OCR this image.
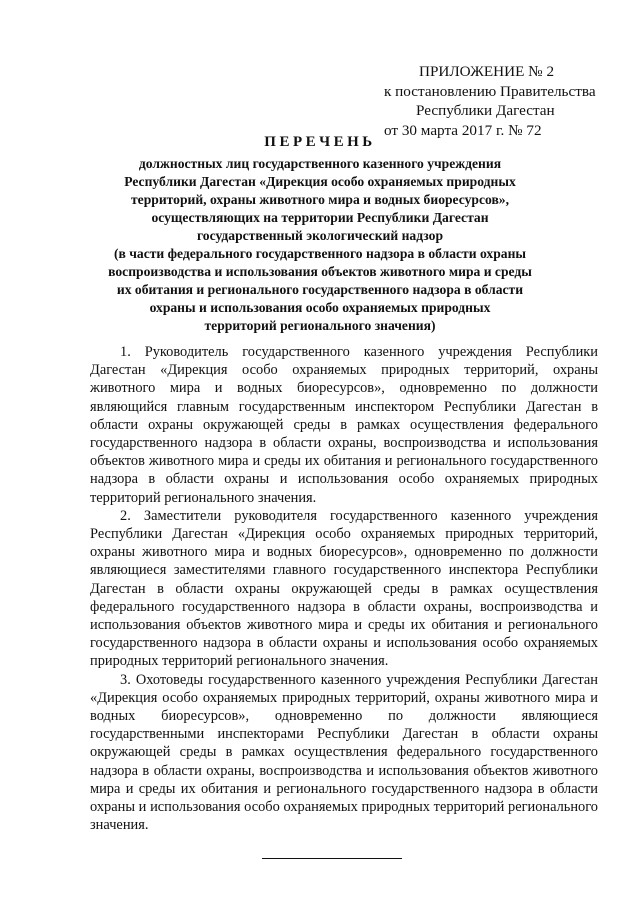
ПРИЛОЖЕНИЕ № 2
к постановлению Правительства
Республики Дагестан
от 30 марта 2017 г. № 72
ПЕРЕЧЕНЬ
должностных лиц государственного казенного учреждения
Республики Дагестан «Дирекция особо охраняемых природных
территорий, охраны животного мира и водных биоресурсов»,
осуществляющих на территории Республики Дагестан
государственный экологический надзор
(в части федерального государственного надзора в области охраны
воспроизводства и использования объектов животного мира и среды
их обитания и регионального государственного надзора в области
охраны и использования особо охраняемых природных
территорий регионального значения)

1. Руководитель государственного казенного учреждения Республики Дагестан «Дирекция особо охраняемых природных территорий, охраны животного мира и водных биоресурсов», одновременно по должности являющийся главным государственным инспектором Республики Дагестан в области охраны окружающей среды в рамках осуществления федерального государственного надзора в области охраны, воспроизводства и использования объектов животного мира и среды их обитания и регионального государственного надзора в области охраны и использования особо охраняемых природных территорий регионального значения.

2. Заместители руководителя государственного казенного учреждения Республики Дагестан «Дирекция особо охраняемых природных территорий, охраны животного мира и водных биоресурсов», одновременно по должности являющиеся заместителями главного государственного инспектора Республики Дагестан в области охраны окружающей среды в рамках осуществления федерального государственного надзора в области охраны, воспроизводства и использования объектов животного мира и среды их обитания и регионального государственного надзора в области охраны и использования особо охраняемых природных территорий регионального значения.

3. Охотоведы государственного казенного учреждения Республики Дагестан «Дирекция особо охраняемых природных территорий, охраны животного мира и водных биоресурсов», одновременно по должности являющиеся государственными инспекторами Республики Дагестан в области охраны окружающей среды в рамках осуществления федерального государственного надзора в области охраны, воспроизводства и использования объектов животного мира и среды их обитания и регионального государственного надзора в области охраны и использования особо охраняемых природных территорий регионального значения.
